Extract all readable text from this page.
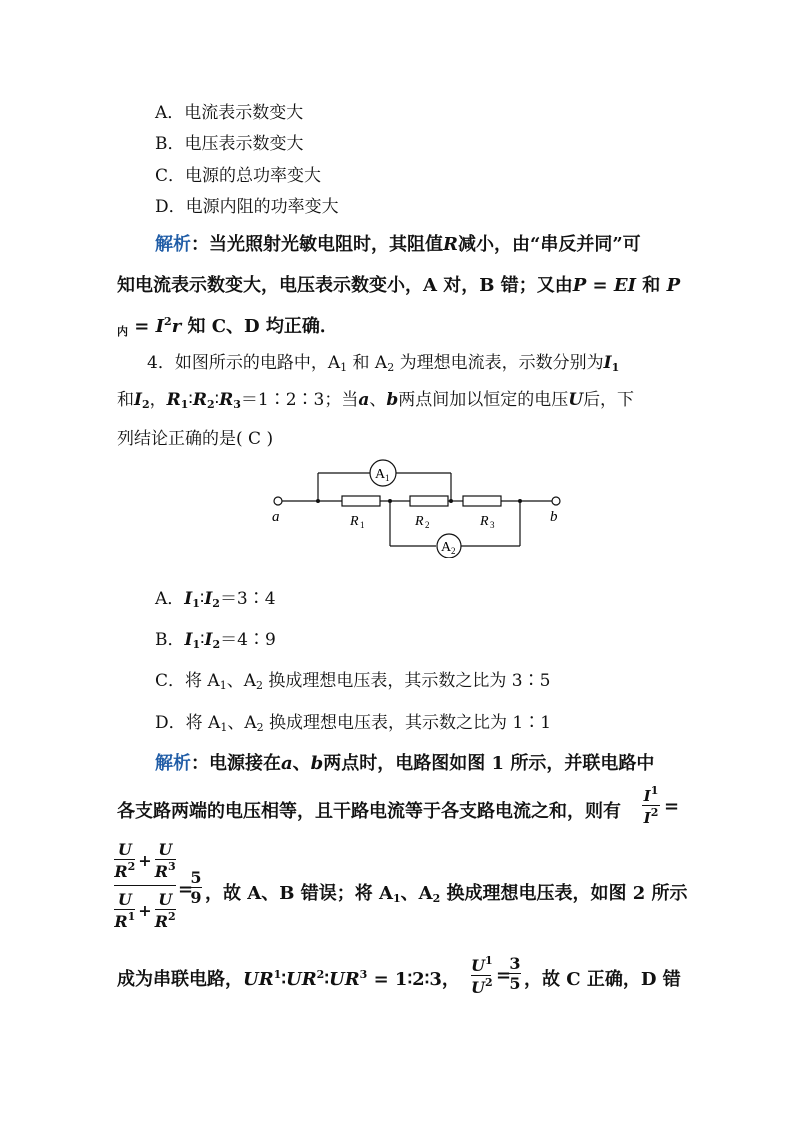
A．电流表示数变大
B．电压表示数变大
C．电源的总功率变大
D．电源内阻的功率变大
解析：当光照射光敏电阻时，其阻值R减小，由“串反并同”可
知电流表示数变大，电压表示数变小，A 对，B 错；又由P = EI 和 P
$_内 = I^2r$ 知 C、D 均正确．
4．如图所示的电路中，$A_1$ 和 $A_2$ 为理想电流表，示数分别为$I_1$
和$I_2$，$R_1∶R_2∶R_3=1∶2∶3$；当a、b两点间加以恒定的电压U后，下
列结论正确的是( C )
a	b
R 1	R 2	R 3
A 1
A 2
A．$I_1∶I_2=3∶4$
B．$I_1∶I_2=4∶9$
C．将 $A_1$、$A_2$ 换成理想电压表，其示数之比为 3∶5
D．将 $A_1$、$A_2$ 换成理想电压表，其示数之比为 1∶1
解析：电源接在a、b两点时，电路图如图 1 所示，并联电路中
各支路两端的电压相等，且干路电流等于各支路电流之和，则有 $\frac{I^1}{I^2}$ =
$\frac{U}{R^2} + \frac{U}{R^3}$
$\frac{U}{R^1} + \frac{U}{R^2}$
=
$\frac{5}{9}$ ，故 A、B 错误；将 $A_1$、$A_2$ 换成理想电压表，如图 2 所示
成为串联电路，$UR^1∶UR^2∶UR^3$ = 1∶2∶3， $\frac{U^1}{U^2}$ =
$\frac{3}{5}$ ，故 C 正确，D 错
